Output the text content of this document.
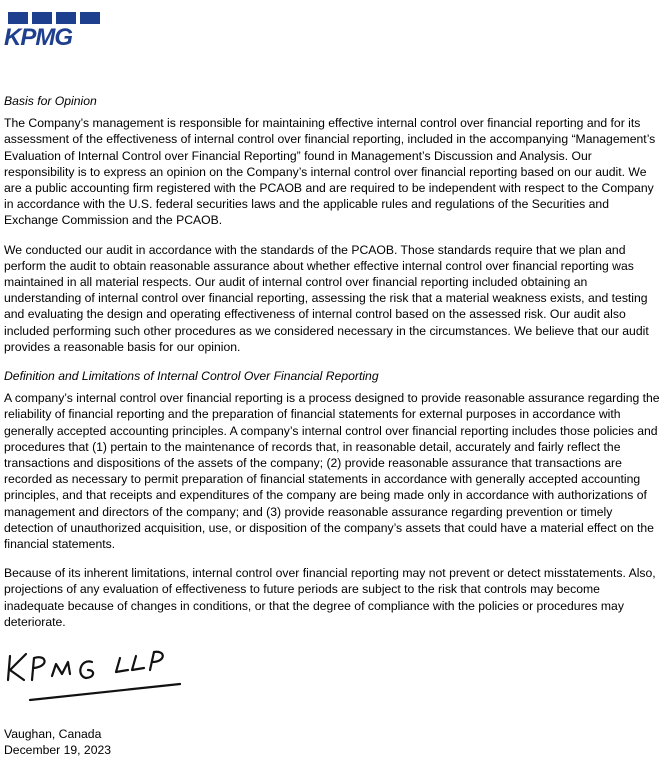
KPMG
Basis for Opinion

The Company’s management is responsible for maintaining effective internal control over financial reporting and for its assessment of the effectiveness of internal control over financial reporting, included in the accompanying “Management’s Evaluation of Internal Control over Financial Reporting” found in Management’s Discussion and Analysis. Our responsibility is to express an opinion on the Company’s internal control over financial reporting based on our audit. We are a public accounting firm registered with the PCAOB and are required to be independent with respect to the Company in accordance with the U.S. federal securities laws and the applicable rules and regulations of the Securities and Exchange Commission and the PCAOB.

We conducted our audit in accordance with the standards of the PCAOB. Those standards require that we plan and perform the audit to obtain reasonable assurance about whether effective internal control over financial reporting was maintained in all material respects. Our audit of internal control over financial reporting included obtaining an understanding of internal control over financial reporting, assessing the risk that a material weakness exists, and testing and evaluating the design and operating effectiveness of internal control based on the assessed risk. Our audit also included performing such other procedures as we considered necessary in the circumstances. We believe that our audit provides a reasonable basis for our opinion.

Definition and Limitations of Internal Control Over Financial Reporting

A company’s internal control over financial reporting is a process designed to provide reasonable assurance regarding the reliability of financial reporting and the preparation of financial statements for external purposes in accordance with generally accepted accounting principles. A company’s internal control over financial reporting includes those policies and procedures that (1) pertain to the maintenance of records that, in reasonable detail, accurately and fairly reflect the transactions and dispositions of the assets of the company; (2) provide reasonable assurance that transactions are recorded as necessary to permit preparation of financial statements in accordance with generally accepted accounting principles, and that receipts and expenditures of the company are being made only in accordance with authorizations of management and directors of the company; and (3) provide reasonable assurance regarding prevention or timely detection of unauthorized acquisition, use, or disposition of the company’s assets that could have a material effect on the financial statements.

Because of its inherent limitations, internal control over financial reporting may not prevent or detect misstatements. Also, projections of any evaluation of effectiveness to future periods are subject to the risk that controls may become inadequate because of changes in conditions, or that the degree of compliance with the policies or procedures may deteriorate.

Vaughan, Canada
December 19, 2023
